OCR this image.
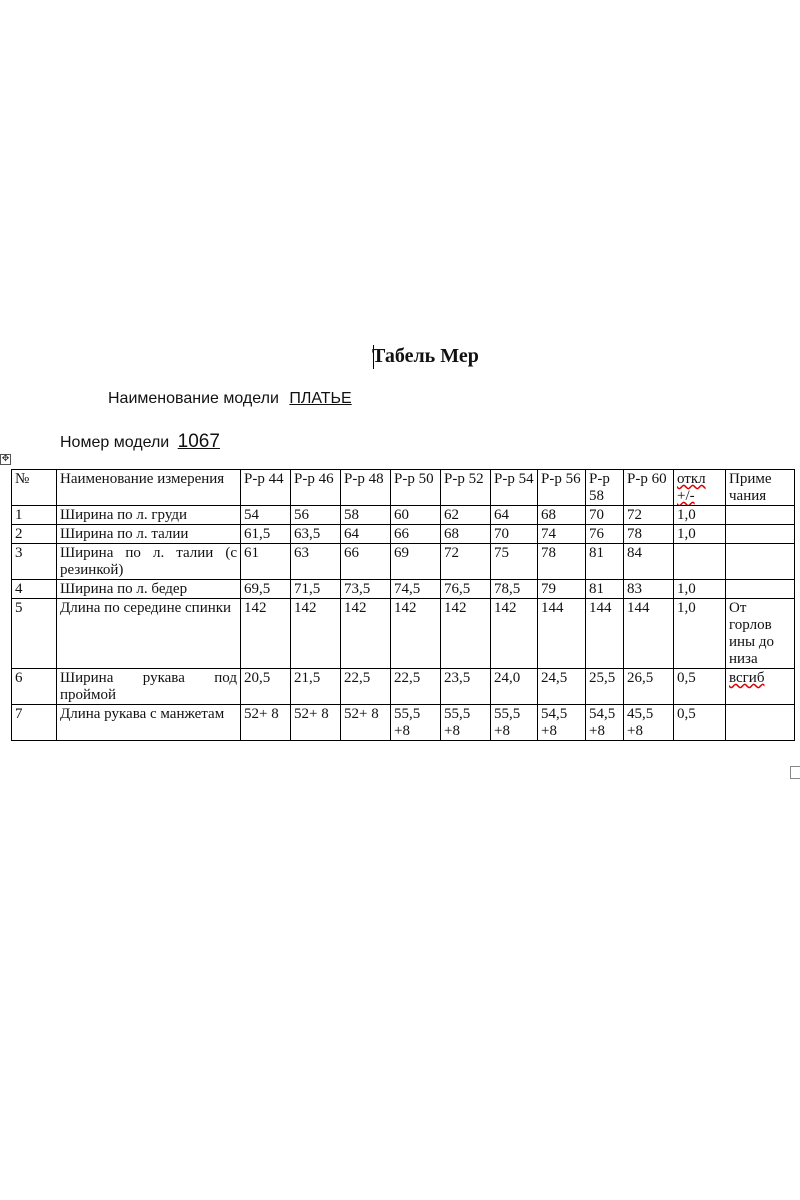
Табель Мер
Наименование модели ПЛАТЬЕ
Номер модели 1067
✥
№	Наименование измерения	Р-р 44	Р-р 46	Р-р 48	Р-р 50	Р-р 52	Р-р 54	Р-р 56	Р-р 58	Р-р 60	откл +/-	Приме чания
1	Ширина по л. груди	54	56	58	60	62	64	68	70	72	1,0	
2	Ширина по л. талии	61,5	63,5	64	66	68	70	74	76	78	1,0	
3	Ширина по л. талии (с резинкой)	61	63	66	69	72	75	78	81	84		
4	Ширина по л. бедер	69,5	71,5	73,5	74,5	76,5	78,5	79	81	83	1,0	
5	Длина по середине спинки	142	142	142	142	142	142	144	144	144	1,0	От горлов ины до низа
6	Ширина рукава под проймой	20,5	21,5	22,5	22,5	23,5	24,0	24,5	25,5	26,5	0,5	всгиб
7	Длина рукава с манжетам	52+ 8	52+ 8	52+ 8	55,5 +8	55,5 +8	55,5 +8	54,5 +8	54,5 +8	45,5 +8	0,5	
